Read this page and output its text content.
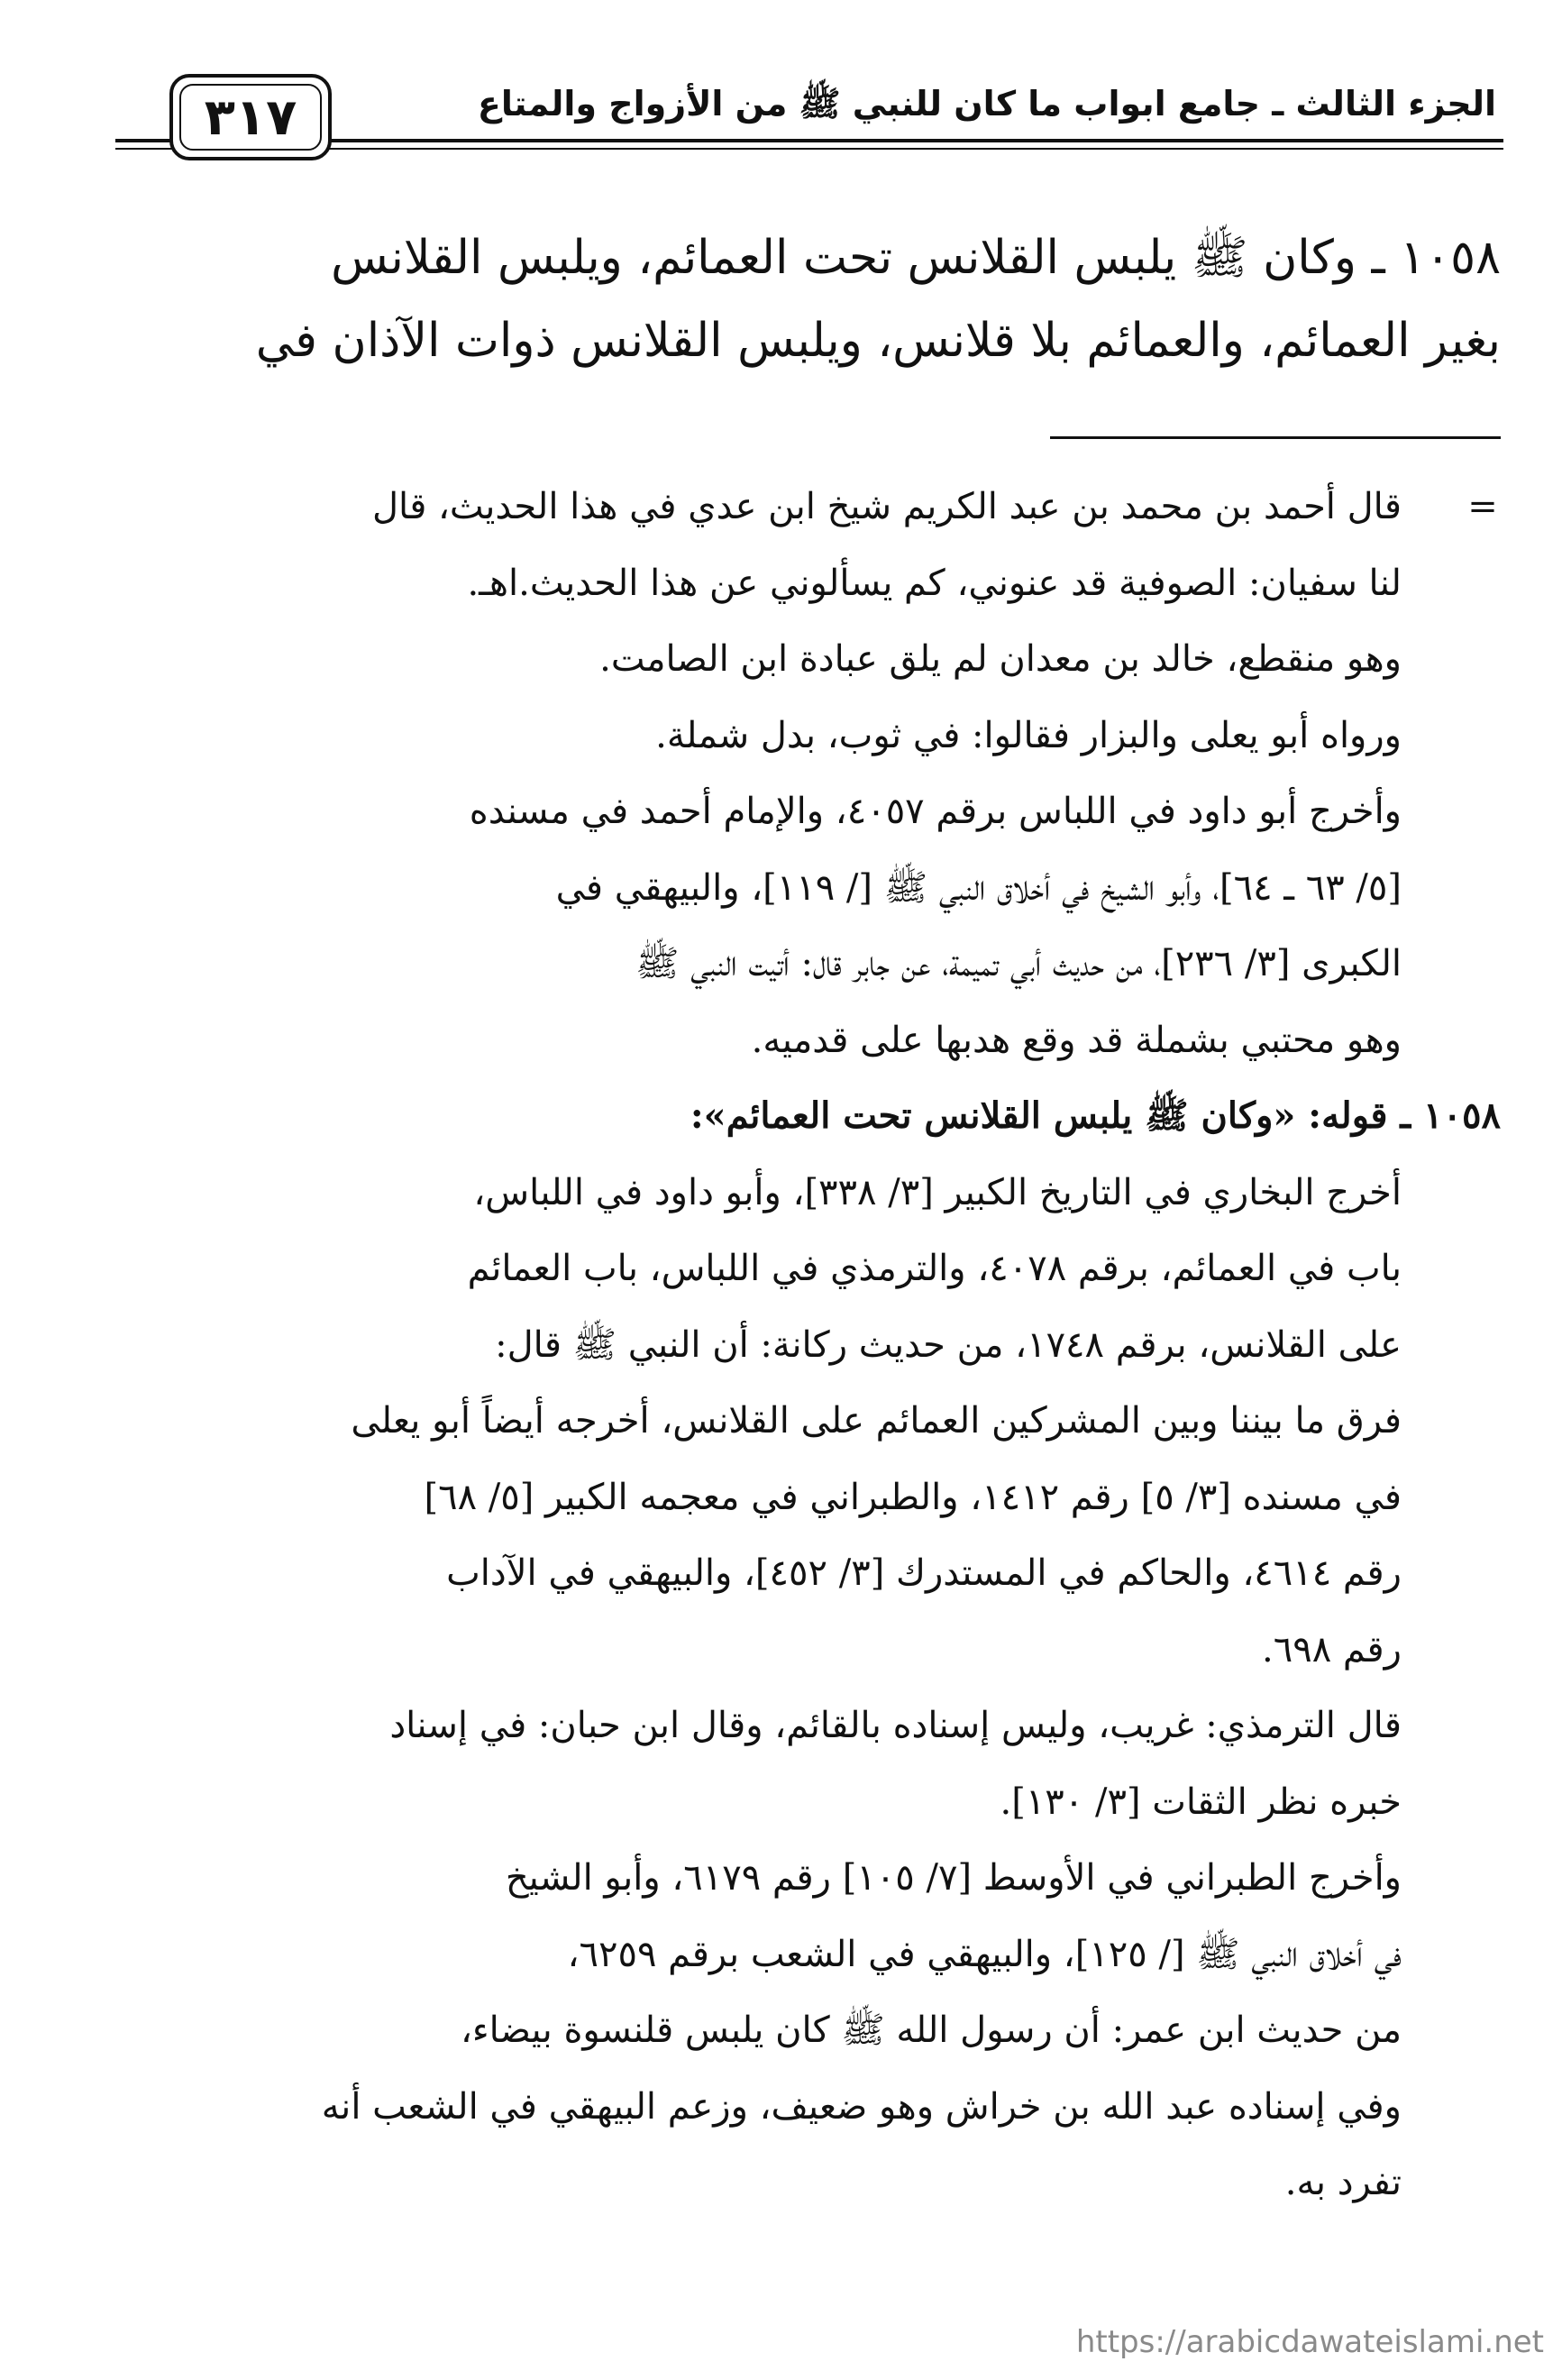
الجزء الثالث ـ جامع ابواب ما كان للنبي ﷺ من الأزواج والمتاع
٣١٧
١٠٥٨ ـ وكان ﷺ يلبس القلانس تحت العمائم، ويلبس القلانس
بغير العمائم، والعمائم بلا قلانس، ويلبس القلانس ذوات الآذان في
=
قال أحمد بن محمد بن عبد الكريم شيخ ابن عدي في هذا الحديث، قال
لنا سفيان: الصوفية قد عنوني، كم يسألوني عن هذا الحديث.اهـ.
وهو منقطع، خالد بن معدان لم يلق عبادة ابن الصامت.
ورواه أبو يعلى والبزار فقالوا: في ثوب، بدل شملة.
وأخرج أبو داود في اللباس برقم ٤٠٥٧، والإمام أحمد في مسنده
[٥/ ٦٣ ـ ٦٤]، وأبو الشيخ في أخلاق النبي ﷺ [/ ١١٩]، والبيهقي في
الكبرى [٣/ ٢٣٦]، من حديث أبي تميمة، عن جابر قال: أتيت النبي ﷺ
وهو محتبي بشملة قد وقع هدبها على قدميه.
١٠٥٨ ـ قوله: «وكان ﷺ يلبس القلانس تحت العمائم»:
أخرج البخاري في التاريخ الكبير [٣/ ٣٣٨]، وأبو داود في اللباس،
باب في العمائم، برقم ٤٠٧٨، والترمذي في اللباس، باب العمائم
على القلانس، برقم ١٧٤٨، من حديث ركانة: أن النبي ﷺ قال:
فرق ما بيننا وبين المشركين العمائم على القلانس، أخرجه أيضاً أبو يعلى
في مسنده [٣/ ٥] رقم ١٤١٢، والطبراني في معجمه الكبير [٥/ ٦٨]
رقم ٤٦١٤، والحاكم في المستدرك [٣/ ٤٥٢]، والبيهقي في الآداب
رقم ٦٩٨.
قال الترمذي: غريب، وليس إسناده بالقائم، وقال ابن حبان: في إسناد
خبره نظر الثقات [٣/ ١٣٠].
وأخرج الطبراني في الأوسط [٧/ ١٠٥] رقم ٦١٧٩، وأبو الشيخ
في أخلاق النبي ﷺ [/ ١٢٥]، والبيهقي في الشعب برقم ٦٢٥٩،
من حديث ابن عمر: أن رسول الله ﷺ كان يلبس قلنسوة بيضاء،
وفي إسناده عبد الله بن خراش وهو ضعيف، وزعم البيهقي في الشعب أنه
تفرد به.
https://arabicdawateislami.net
